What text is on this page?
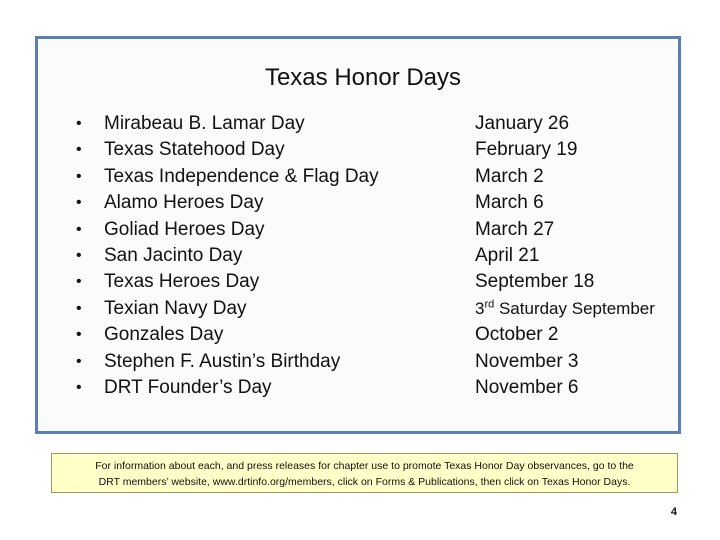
Texas Honor Days
• Mirabeau B. Lamar Day
• Texas Statehood Day
• Texas Independence & Flag Day
• Alamo Heroes Day
• Goliad Heroes Day
• San Jacinto Day
• Texas Heroes Day
• Texian Navy Day
• Gonzales Day
• Stephen F. Austin’s Birthday
• DRT Founder’s Day
January 26
February 19
March 2
March 6
March 27
April 21
September 18
3rd Saturday September
October 2
November 3
November 6
For information about each, and press releases for chapter use to promote Texas Honor Day observances, go to the
DRT members’ website, www.drtinfo.org/members, click on Forms & Publications, then click on Texas Honor Days.
4
